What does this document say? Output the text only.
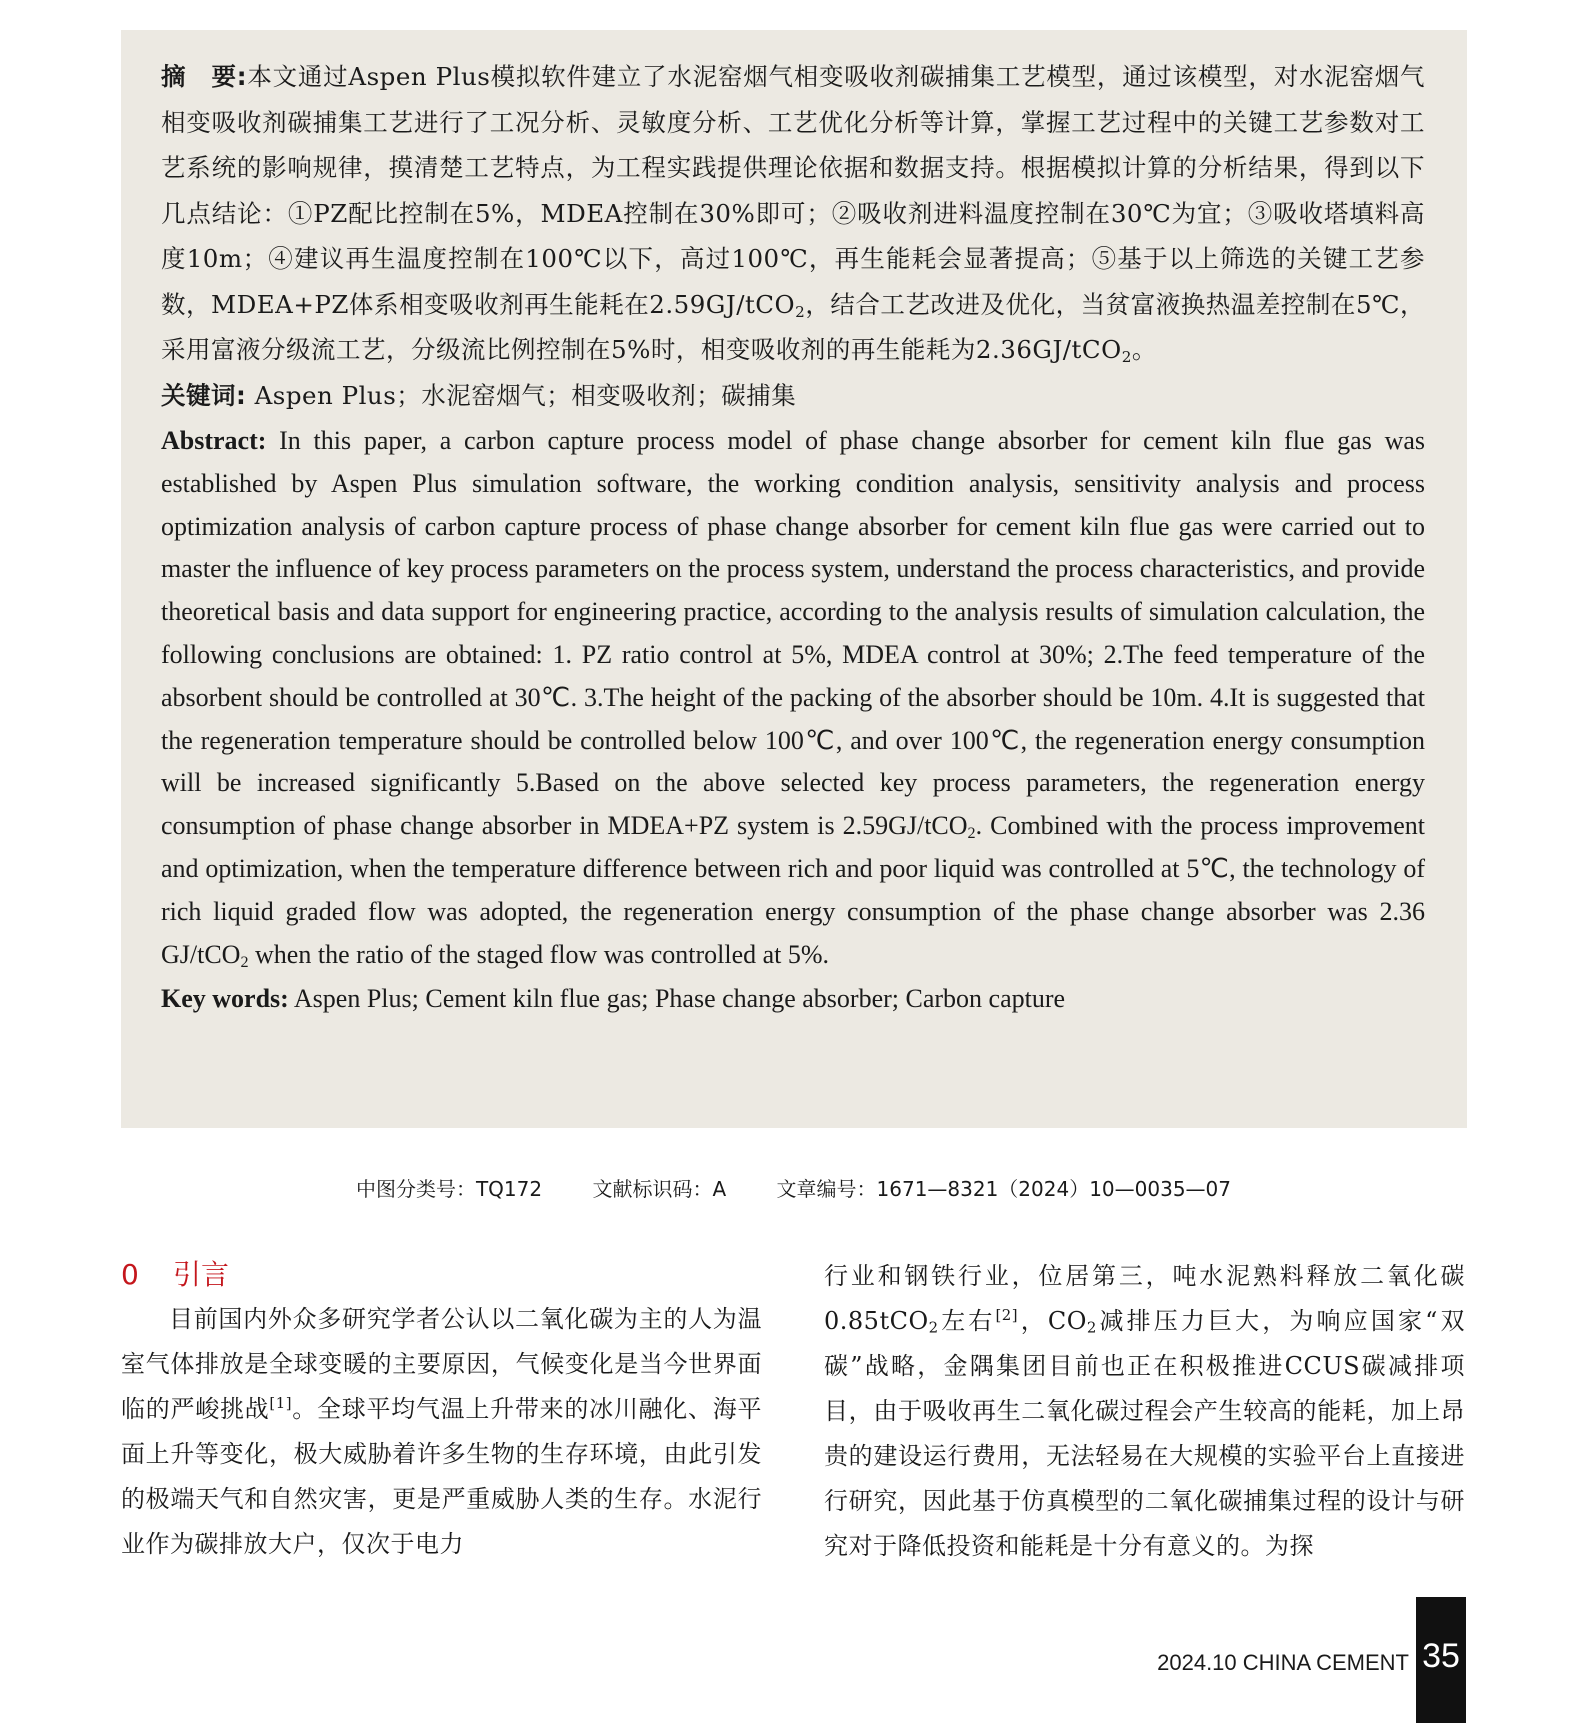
摘　要:本文通过Aspen Plus模拟软件建立了水泥窑烟气相变吸收剂碳捕集工艺模型，通过该模型，对水泥窑烟气相变吸收剂碳捕集工艺进行了工况分析、灵敏度分析、工艺优化分析等计算，掌握工艺过程中的关键工艺参数对工艺系统的影响规律，摸清楚工艺特点，为工程实践提供理论依据和数据支持。根据模拟计算的分析结果，得到以下几点结论：①PZ配比控制在5%，MDEA控制在30%即可；②吸收剂进料温度控制在30℃为宜；③吸收塔填料高度10m；④建议再生温度控制在100℃以下，高过100℃，再生能耗会显著提高；⑤基于以上筛选的关键工艺参数，MDEA+PZ体系相变吸收剂再生能耗在2.59GJ/tCO$_2$，结合工艺改进及优化，当贫富液换热温差控制在5℃，采用富液分级流工艺，分级流比例控制在5%时，相变吸收剂的再生能耗为2.36GJ/tCO$_2$。

关键词: Aspen Plus；水泥窑烟气；相变吸收剂；碳捕集

Abstract: In this paper, a carbon capture process model of phase change absorber for cement kiln flue gas was established by Aspen Plus simulation software, the working condition analysis, sensitivity analysis and process optimization analysis of carbon capture process of phase change absorber for cement kiln flue gas were carried out to master the influence of key process parameters on the process system, understand the process characteristics, and provide theoretical basis and data support for engineering practice, according to the analysis results of simulation calculation, the following conclusions are obtained: 1. PZ ratio control at 5%, MDEA control at 30%; 2.The feed temperature of the absorbent should be controlled at 30℃. 3.The height of the packing of the absorber should be 10m. 4.It is suggested that the regeneration temperature should be controlled below 100℃, and over 100℃, the regeneration energy consumption will be increased significantly 5.Based on the above selected key process parameters, the regeneration energy consumption of phase change absorber in MDEA+PZ system is 2.59GJ/tCO$_2$. Combined with the process improvement and optimization, when the temperature difference between rich and poor liquid was controlled at 5℃, the technology of rich liquid graded flow was adopted, the regeneration energy consumption of the phase change absorber was 2.36 GJ/tCO$_2$ when the ratio of the staged flow was controlled at 5%.

Key words: Aspen Plus; Cement kiln flue gas; Phase change absorber; Carbon capture

中图分类号：TQ172	文献标识码：A	文章编号：1671—8321（2024）10—0035—07

0 引言

目前国内外众多研究学者公认以二氧化碳为主的人为温室气体排放是全球变暖的主要原因，气候变化是当今世界面临的严峻挑战[1]。全球平均气温上升带来的冰川融化、海平面上升等变化，极大威胁着许多生物的生存环境，由此引发的极端天气和自然灾害，更是严重威胁人类的生存。水泥行业作为碳排放大户，仅次于电力

行业和钢铁行业，位居第三，吨水泥熟料释放二氧化碳0.85tCO$_2$左右[2]，$CO_2$减排压力巨大，为响应国家“双碳”战略，金隅集团目前也正在积极推进CCUS碳减排项目，由于吸收再生二氧化碳过程会产生较高的能耗，加上昂贵的建设运行费用，无法轻易在大规模的实验平台上直接进行研究，因此基于仿真模型的二氧化碳捕集过程的设计与研究对于降低投资和能耗是十分有意义的。为探

2024.10 CHINA CEMENT 35
